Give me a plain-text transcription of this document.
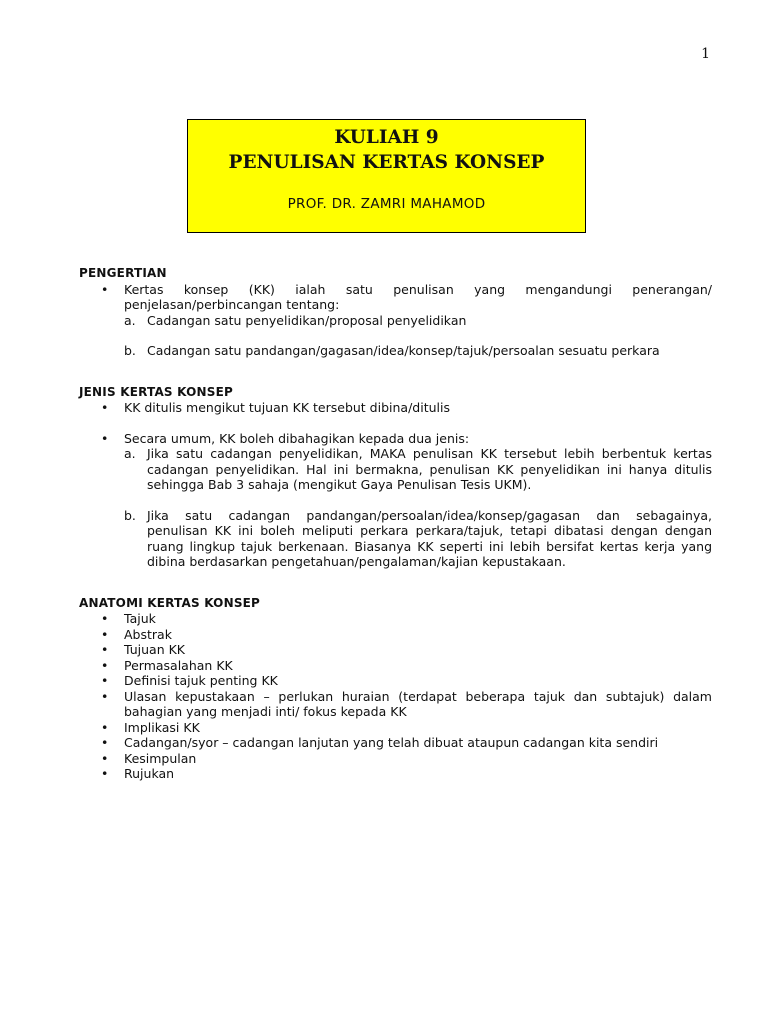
1
KULIAH 9
PENULISAN KERTAS KONSEP
PROF. DR. ZAMRI MAHAMOD
PENGERTIAN
• Kertas konsep (KK) ialah satu penulisan yang mengandungi penerangan/ penjelasan/perbincangan tentang:
a. Cadangan satu penyelidikan/proposal penyelidikan
b. Cadangan satu pandangan/gagasan/idea/konsep/tajuk/persoalan sesuatu perkara
JENIS KERTAS KONSEP
• KK ditulis mengikut tujuan KK tersebut dibina/ditulis
• Secara umum, KK boleh dibahagikan kepada dua jenis:
a. Jika satu cadangan penyelidikan, MAKA penulisan KK tersebut lebih berbentuk kertas cadangan penyelidikan. Hal ini bermakna, penulisan KK penyelidikan ini hanya ditulis sehingga Bab 3 sahaja (mengikut Gaya Penulisan Tesis UKM).
b. Jika satu cadangan pandangan/persoalan/idea/konsep/gagasan dan sebagainya, penulisan KK ini boleh meliputi perkara perkara/tajuk, tetapi dibatasi dengan dengan ruang lingkup tajuk berkenaan. Biasanya KK seperti ini lebih bersifat kertas kerja yang dibina berdasarkan pengetahuan/pengalaman/kajian kepustakaan.
ANATOMI KERTAS KONSEP
• Tajuk
• Abstrak
• Tujuan KK
• Permasalahan KK
• Definisi tajuk penting KK
• Ulasan kepustakaan – perlukan huraian (terdapat beberapa tajuk dan subtajuk) dalam bahagian yang menjadi inti/ fokus kepada KK
• Implikasi KK
• Cadangan/syor – cadangan lanjutan yang telah dibuat ataupun cadangan kita sendiri
• Kesimpulan
• Rujukan
